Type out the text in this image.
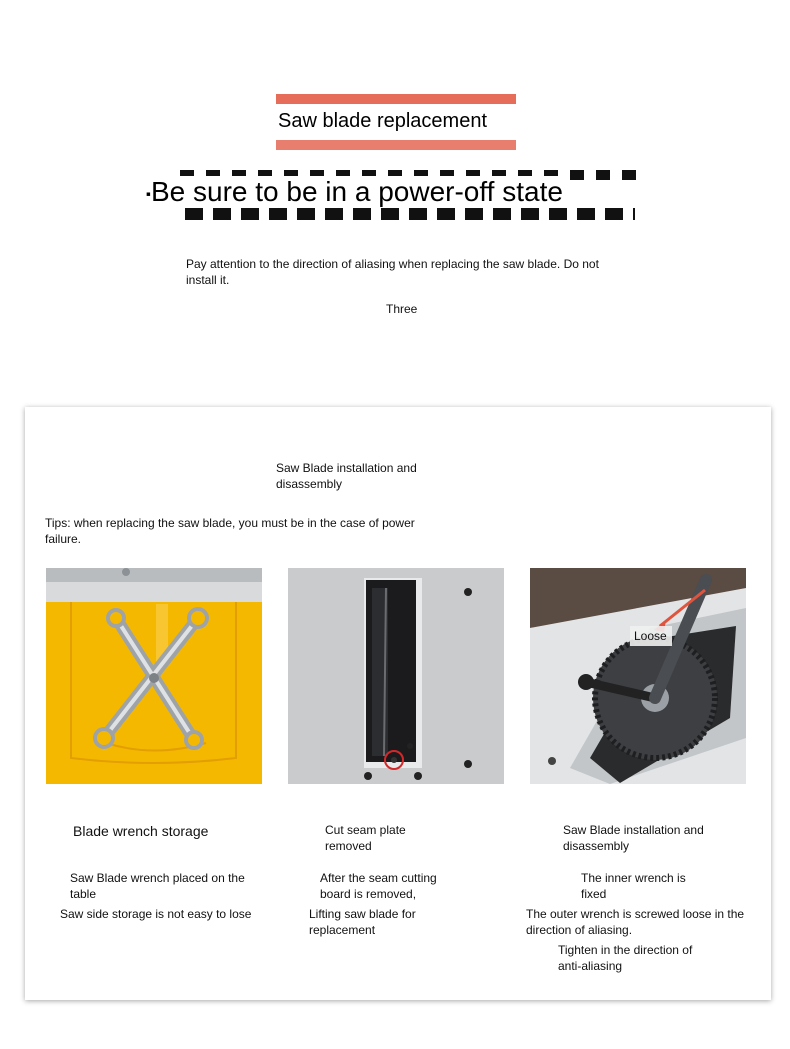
Saw blade replacement
▪Be sure to be in a power-off state
Pay attention to the direction of aliasing when replacing the saw blade. Do not install it.
Three
Saw Blade installation and disassembly
Tips: when replacing the saw blade, you must be in the case of power failure.
Loose
Blade wrench storage
Saw Blade wrench placed on the table
Saw side storage is not easy to lose
Cut seam plate removed
After the seam cutting board is removed,
Lifting saw blade for replacement
Saw Blade installation and disassembly
The inner wrench is fixed
The outer wrench is screwed loose in the direction of aliasing.
Tighten in the direction of anti-aliasing
